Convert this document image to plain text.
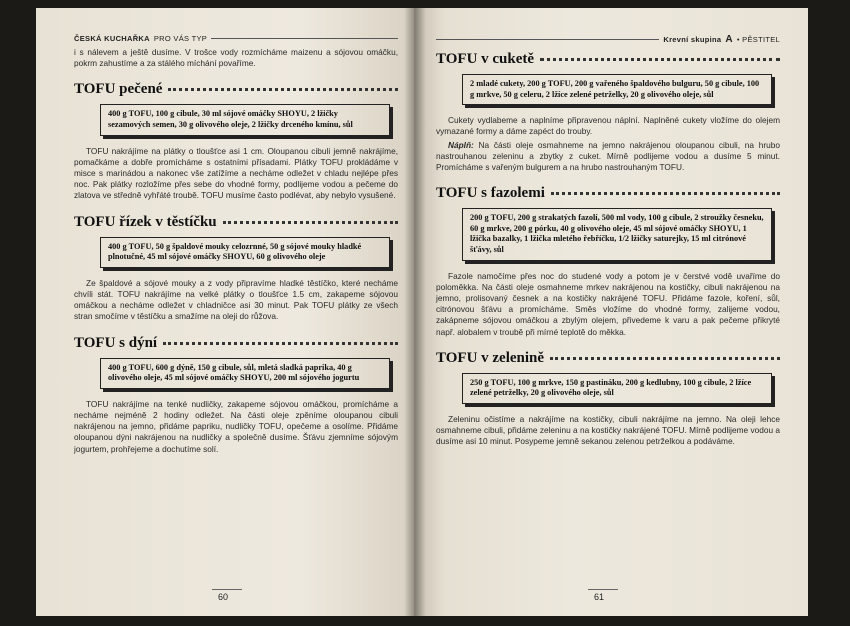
ČESKÁ KUCHAŘKA PRO VÁS TYP

i s nálevem a ještě dusíme. V trošce vody rozmícháme maizenu a sójovou omáčku, pokrm zahustíme a za stálého míchání povaříme.

TOFU pečené
400 g TOFU, 100 g cibule, 30 ml sójové omáčky SHOYU, 2 lžičky sezamových semen, 30 g olivového oleje, 2 lžičky drceného kmínu, sůl

TOFU nakrájíme na plátky o tloušťce asi 1 cm. Oloupanou cibuli jemně nakrájíme, pomačkáme a dobře promícháme s ostatními přísadami. Plátky TOFU prokládáme v misce s marinádou a nakonec vše zatížíme a necháme odležet v chladu nejlépe přes noc. Pak plátky rozložíme přes sebe do vhodné formy, podlijeme vodou a pečeme do zlatova ve středně vyhřáté troubě. TOFU musíme často podlévat, aby nebylo vysušené.

TOFU řízek v těstíčku
400 g TOFU, 50 g špaldové mouky celozrnné, 50 g sójové mouky hladké plnotučné, 45 ml sójové omáčky SHOYU, 60 g olivového oleje

Ze špaldové a sójové mouky a z vody připravíme hladké těstíčko, které necháme chvíli stát. TOFU nakrájíme na velké plátky o tloušťce 1.5 cm, zakapeme sójovou omáčkou a necháme odležet v chladničce asi 30 minut. Pak TOFU plátky ze všech stran smočíme v těstíčku a smažíme na oleji do růžova.

TOFU s dýní
400 g TOFU, 600 g dýně, 150 g cibule, sůl, mletá sladká paprika, 40 g olivového oleje, 45 ml sójové omáčky SHOYU, 200 ml sójového jogurtu

TOFU nakrájíme na tenké nudličky, zakapeme sójovou omáčkou, promícháme a necháme nejméně 2 hodiny odležet. Na části oleje zpěníme oloupanou cibuli nakrájenou na jemno, přidáme papriku, nudličky TOFU, opečeme a osolíme. Přidáme oloupanou dýni nakrájenou na nudličky a společně dusíme. Šťávu zjemníme sójovým jogurtem, prohřejeme a dochutíme solí.

60
Krevní skupina A • PĚSTITEL
TOFU v cuketě
2 mladé cukety, 200 g TOFU, 200 g vařeného špaldového bulguru, 50 g cibule, 100 g mrkve, 50 g celeru, 2 lžíce zelené petrželky, 20 g olivového oleje, sůl

Cukety vydlabeme a naplníme připravenou náplní. Naplněné cukety vložíme do olejem vymazané formy a dáme zapéct do trouby.

Náplň: Na části oleje osmahneme na jemno nakrájenou oloupanou cibuli, na hrubo nastrouhanou zeleninu a zbytky z cuket. Mírně podlijeme vodou a dusíme 5 minut. Promícháme s vařeným bulgurem a na hrubo nastrouhaným TOFU.

TOFU s fazolemi
200 g TOFU, 200 g strakatých fazolí, 500 ml vody, 100 g cibule, 2 stroužky česneku, 60 g mrkve, 200 g pórku, 40 g olivového oleje, 45 ml sójové omáčky SHOYU, 1 lžička bazalky, 1 lžička mletého řebříčku, 1/2 lžičky saturejky, 15 ml citrónové šťávy, sůl

Fazole namočíme přes noc do studené vody a potom je v čerstvé vodě uvaříme do poloměkka. Na části oleje osmahneme mrkev nakrájenou na kostičky, cibuli nakrájenou na jemno, prolisovaný česnek a na kostičky nakrájené TOFU. Přidáme fazole, koření, sůl, citrónovou šťávu a promícháme. Směs vložíme do vhodné formy, zalijeme vodou, zakápneme sójovou omáčkou a zbylým olejem, přivedeme k varu a pak pečeme přikryté např. alobalem v troubě při mírné teplotě do měkka.

TOFU v zelenině
250 g TOFU, 100 g mrkve, 150 g pastináku, 200 g kedlubny, 100 g cibule, 2 lžíce zelené petrželky, 20 g olivového oleje, sůl

Zeleninu očistíme a nakrájíme na kostičky, cibuli nakrájíme na jemno. Na oleji lehce osmahneme cibuli, přidáme zeleninu a na kostičky nakrájené TOFU. Mírně podlijeme vodou a dusíme asi 10 minut. Posypeme jemně sekanou zelenou petrželkou a podáváme.

61
